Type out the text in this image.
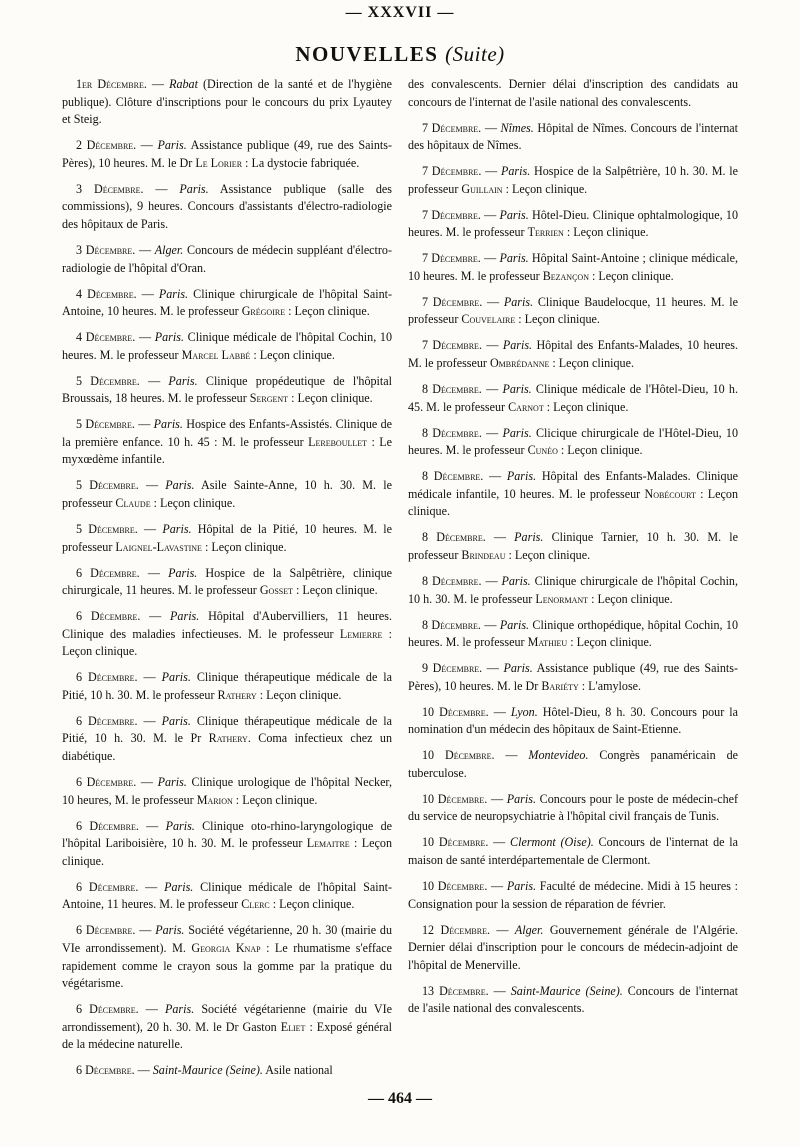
— XXXVII —
NOUVELLES (Suite)

1er Décembre. — Rabat (Direction de la santé et de l'hygiène publique). Clôture d'inscriptions pour le concours du prix Lyautey et Steig.

2 Décembre. — Paris. Assistance publique (49, rue des Saints-Pères), 10 heures. M. le Dr Le Lorier : La dystocie fabriquée.

3 Décembre. — Paris. Assistance publique (salle des commissions), 9 heures. Concours d'assistants d'électro-radiologie des hôpitaux de Paris.

3 Décembre. — Alger. Concours de médecin suppléant d'électro-radiologie de l'hôpital d'Oran.

4 Décembre. — Paris. Clinique chirurgicale de l'hôpital Saint-Antoine, 10 heures. M. le professeur Grégoire : Leçon clinique.

4 Décembre. — Paris. Clinique médicale de l'hôpital Cochin, 10 heures. M. le professeur Marcel Labbé : Leçon clinique.

5 Décembre. — Paris. Clinique propédeutique de l'hôpital Broussais, 18 heures. M. le professeur Sergent : Leçon clinique.

5 Décembre. — Paris. Hospice des Enfants-Assistés. Clinique de la première enfance. 10 h. 45 : M. le professeur Lereboullet : Le myxœdème infantile.

5 Décembre. — Paris. Asile Sainte-Anne, 10 h. 30. M. le professeur Claude : Leçon clinique.

5 Décembre. — Paris. Hôpital de la Pitié, 10 heures. M. le professeur Laignel-Lavastine : Leçon clinique.

6 Décembre. — Paris. Hospice de la Salpêtrière, clinique chirurgicale, 11 heures. M. le professeur Gosset : Leçon clinique.

6 Décembre. — Paris. Hôpital d'Aubervilliers, 11 heures. Clinique des maladies infectieuses. M. le professeur Lemierre : Leçon clinique.

6 Décembre. — Paris. Clinique thérapeutique médicale de la Pitié, 10 h. 30. M. le professeur Rathery : Leçon clinique.

6 Décembre. — Paris. Clinique thérapeutique médicale de la Pitié, 10 h. 30. M. le Pr Rathery. Coma infectieux chez un diabétique.

6 Décembre. — Paris. Clinique urologique de l'hôpital Necker, 10 heures, M. le professeur Marion : Leçon clinique.

6 Décembre. — Paris. Clinique oto-rhino-laryngologique de l'hôpital Lariboisière, 10 h. 30. M. le professeur Lemaitre : Leçon clinique.

6 Décembre. — Paris. Clinique médicale de l'hôpital Saint-Antoine, 11 heures. M. le professeur Clerc : Leçon clinique.

6 Décembre. — Paris. Société végétarienne, 20 h. 30 (mairie du VIe arrondissement). M. Georgia Knap : Le rhumatisme s'efface rapidement comme le crayon sous la gomme par la pratique du végétarisme.

6 Décembre. — Paris. Société végétarienne (mairie du VIe arrondissement), 20 h. 30. M. le Dr Gaston Eliet : Exposé général de la médecine naturelle.

6 Décembre. — Saint-Maurice (Seine). Asile national

des convalescents. Dernier délai d'inscription des candidats au concours de l'internat de l'asile national des convalescents.

7 Décembre. — Nîmes. Hôpital de Nîmes. Concours de l'internat des hôpitaux de Nîmes.

7 Décembre. — Paris. Hospice de la Salpêtrière, 10 h. 30. M. le professeur Guillain : Leçon clinique.

7 Décembre. — Paris. Hôtel-Dieu. Clinique ophtalmologique, 10 heures. M. le professeur Terrien : Leçon clinique.

7 Décembre. — Paris. Hôpital Saint-Antoine ; clinique médicale, 10 heures. M. le professeur Bezançon : Leçon clinique.

7 Décembre. — Paris. Clinique Baudelocque, 11 heures. M. le professeur Couvelaire : Leçon clinique.

7 Décembre. — Paris. Hôpital des Enfants-Malades, 10 heures. M. le professeur Ombrédanne : Leçon clinique.

8 Décembre. — Paris. Clinique médicale de l'Hôtel-Dieu, 10 h. 45. M. le professeur Carnot : Leçon clinique.

8 Décembre. — Paris. Clicique chirurgicale de l'Hôtel-Dieu, 10 heures. M. le professeur Cunéo : Leçon clinique.

8 Décembre. — Paris. Hôpital des Enfants-Malades. Clinique médicale infantile, 10 heures. M. le professeur Nobécourt : Leçon clinique.

8 Décembre. — Paris. Clinique Tarnier, 10 h. 30. M. le professeur Brindeau : Leçon clinique.

8 Décembre. — Paris. Clinique chirurgicale de l'hôpital Cochin, 10 h. 30. M. le professeur Lenormant : Leçon clinique.

8 Décembre. — Paris. Clinique orthopédique, hôpital Cochin, 10 heures. M. le professeur Mathieu : Leçon clinique.

9 Décembre. — Paris. Assistance publique (49, rue des Saints-Pères), 10 heures. M. le Dr Bariéty : L'amylose.

10 Décembre. — Lyon. Hôtel-Dieu, 8 h. 30. Concours pour la nomination d'un médecin des hôpitaux de Saint-Etienne.

10 Décembre. — Montevideo. Congrès panaméricain de tuberculose.

10 Décembre. — Paris. Concours pour le poste de médecin-chef du service de neuropsychiatrie à l'hôpital civil français de Tunis.

10 Décembre. — Clermont (Oise). Concours de l'internat de la maison de santé interdépartementale de Clermont.

10 Décembre. — Paris. Faculté de médecine. Midi à 15 heures : Consignation pour la session de réparation de février.

12 Décembre. — Alger. Gouvernement générale de l'Algérie. Dernier délai d'inscription pour le concours de médecin-adjoint de l'hôpital de Menerville.

13 Décembre. — Saint-Maurice (Seine). Concours de l'internat de l'asile national des convalescents.

— 464 —
